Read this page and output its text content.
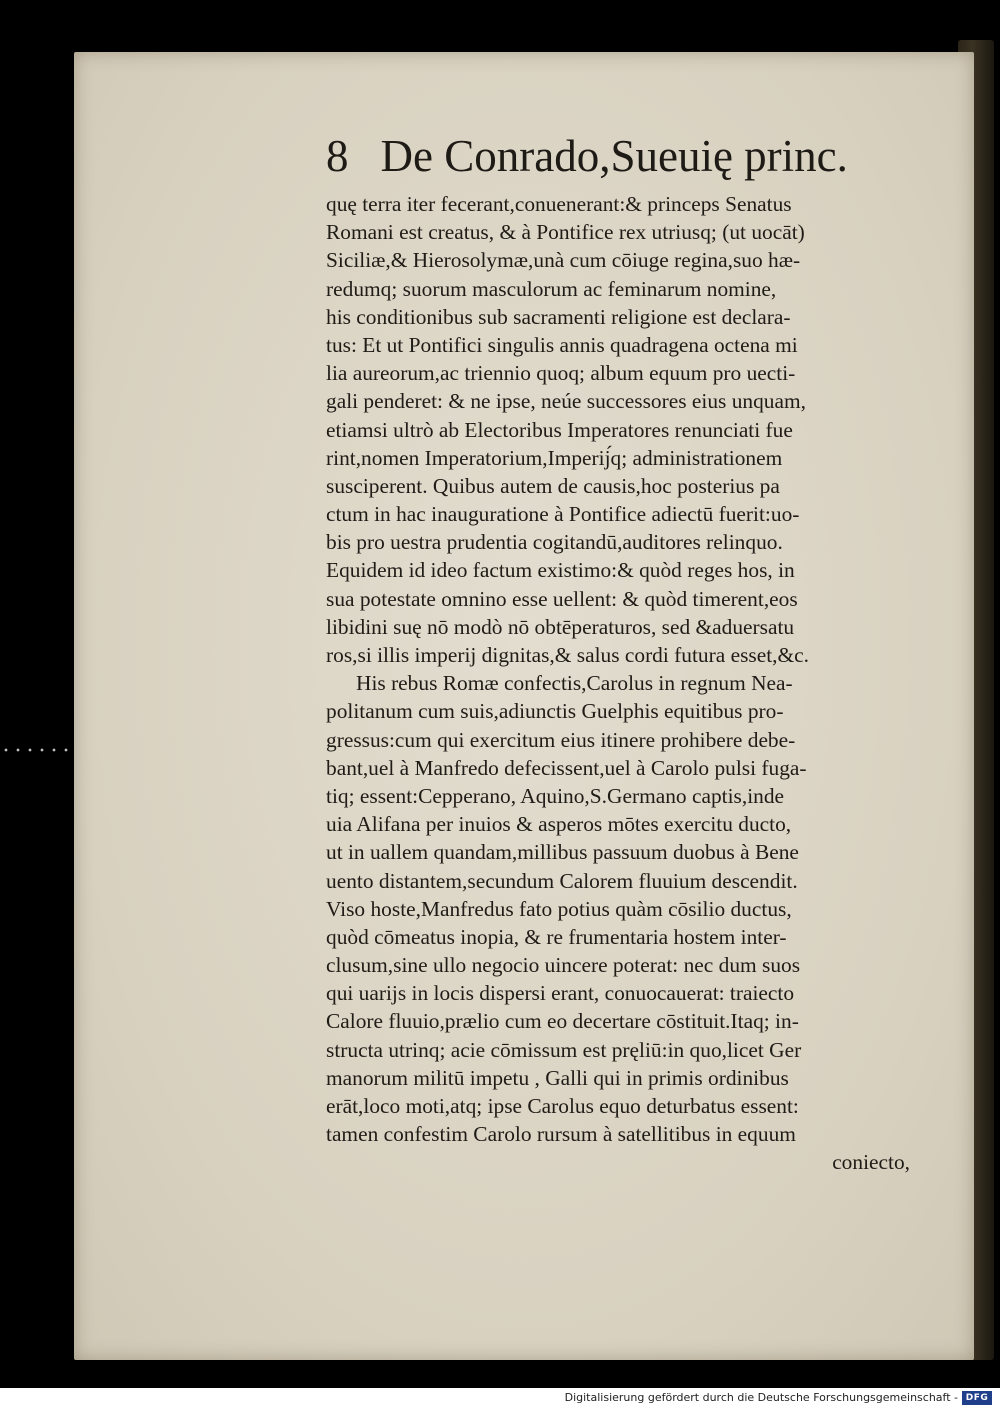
8 De Conrado,Sueuię princ.
quę terra iter fecerant,conuenerant:& princeps Senatus
Romani est creatus, & à Pontifice rex utriusq; (ut uocāt)
Siciliæ,& Hierosolymæ,unà cum cōiuge regina,suo hæ-
redumq; suorum masculorum ac feminarum nomine,
his conditionibus sub sacramenti religione est declara-
tus: Et ut Pontifici singulis annis quadragena octena mi
lia aureorum,ac triennio quoq; album equum pro uecti-
gali penderet: & ne ipse, neúe successores eius unquam,
etiamsi ultrò ab Electoribus Imperatores renunciati fue
rint,nomen Imperatorium,Imperij́q; administrationem
susciperent. Quibus autem de causis,hoc posterius pa
ctum in hac inauguratione à Pontifice adiectū fuerit:uo-
bis pro uestra prudentia cogitandū,auditores relinquo.
Equidem id ideo factum existimo:& quòd reges hos, in
sua potestate omnino esse uellent: & quòd timerent,eos
libidini suę nō modò nō obtēperaturos, sed &aduersatu
ros,si illis imperij dignitas,& salus cordi futura esset,&c.
His rebus Romæ confectis,Carolus in regnum Nea-
politanum cum suis,adiunctis Guelphis equitibus pro-
gressus:cum qui exercitum eius itinere prohibere debe-
bant,uel à Manfredo defecissent,uel à Carolo pulsi fuga-
tiq; essent:Cepperano, Aquino,S.Germano captis,inde
uia Alifana per inuios & asperos mōtes exercitu ducto,
ut in uallem quandam,millibus passuum duobus à Bene
uento distantem,secundum Calorem fluuium descendit.
Viso hoste,Manfredus fato potius quàm cōsilio ductus,
quòd cōmeatus inopia, & re frumentaria hostem inter-
clusum,sine ullo negocio uincere poterat: nec dum suos
qui uarijs in locis dispersi erant, conuocauerat: traiecto
Calore fluuio,prælio cum eo decertare cōstituit.Itaq; in-
structa utrinq; acie cōmissum est pręliū:in quo,licet Ger
manorum militū impetu , Galli qui in primis ordinibus
erāt,loco moti,atq; ipse Carolus equo deturbatus essent:
tamen confestim Carolo rursum à satellitibus in equum
coniecto,
Digitalisierung gefördert durch die Deutsche Forschungsgemeinschaft - DFG
